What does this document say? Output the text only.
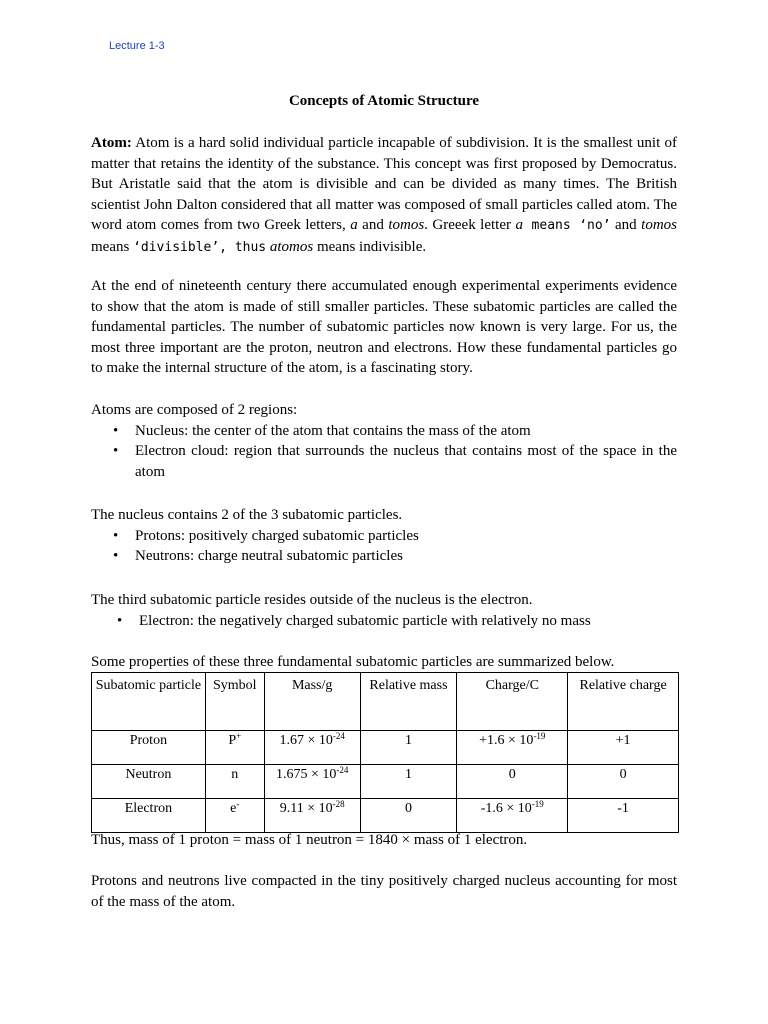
Lecture 1-3
Concepts of Atomic Structure

Atom: Atom is a hard solid individual particle incapable of subdivision. It is the smallest unit of matter that retains the identity of the substance. This concept was first proposed by Democratus. But Aristatle said that the atom is divisible and can be divided as many times. The British scientist John Dalton considered that all matter was composed of small particles called atom. The word atom comes from two Greek letters, a and tomos. Greeek letter a means ‘no’ and tomos means ‘divisible’, thus atomos means indivisible.

At the end of nineteenth century there accumulated enough experimental experiments evidence to show that the atom is made of still smaller particles. These subatomic particles are called the fundamental particles. The number of subatomic particles now known is very large. For us, the most three important are the proton, neutron and electrons. How these fundamental particles go to make the internal structure of the atom, is a fascinating story.

Atoms are composed of 2 regions:

• Nucleus: the center of the atom that contains the mass of the atom
• Electron cloud: region that surrounds the nucleus that contains most of the space in the atom

The nucleus contains 2 of the 3 subatomic particles.

• Protons: positively charged subatomic particles
• Neutrons: charge neutral subatomic particles

The third subatomic particle resides outside of the nucleus is the electron.

• Electron: the negatively charged subatomic particle with relatively no mass

Some properties of these three fundamental subatomic particles are summarized below.

Subatomic particle	Symbol	Mass/g	Relative mass	Charge/C	Relative charge
Proton	P+	$1.67 \times 10^{-24}$	1	$+1.6 \times 10^{-19}$	+1
Neutron	n	$1.675 \times 10^{-24}$	1	0	0
Electron	e-	$9.11 \times 10^{-28}$	0	$-1.6 \times 10^{-19}$	-1

Thus, mass of 1 proton = mass of 1 neutron = 1840 × mass of 1 electron.

Protons and neutrons live compacted in the tiny positively charged nucleus accounting for most of the mass of the atom.
